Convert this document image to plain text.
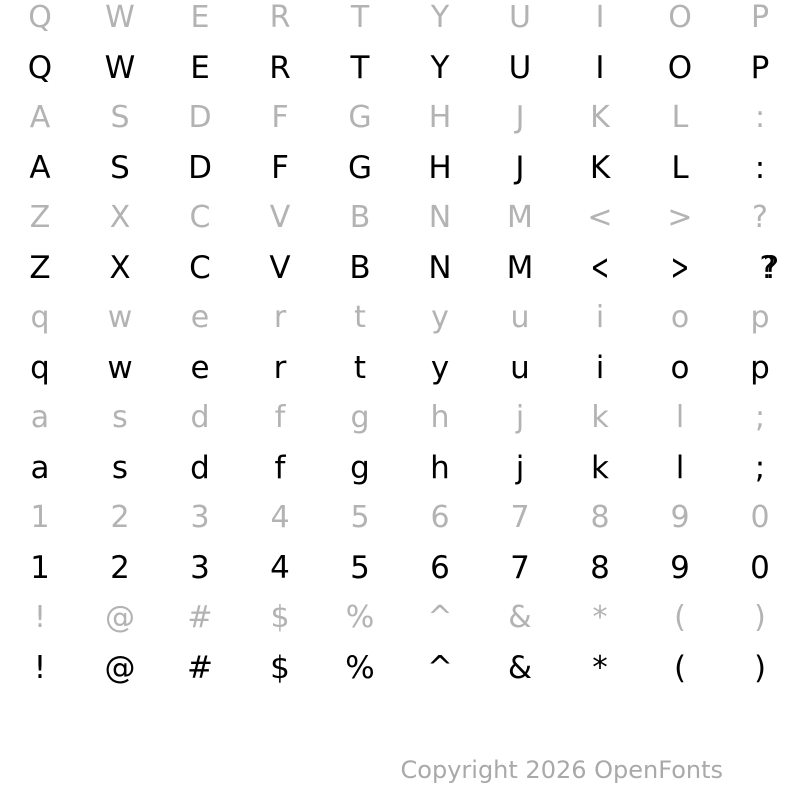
Q	W	E	R	T	Y	U	I	O	P
Q	W	E	R	T	Y	U	I	O	P
A	S	D	F	G	H	J	K	L	:
A	S	D	F	G	H	J	K	L	:
Z	X	C	V	B	N	M	<	>	?
Z	X	C	V	B	N	M	<	>	??
q	w	e	r	t	y	u	i	o	p
q	w	e	r	t	y	u	i	o	p
a	s	d	f	g	h	j	k	l	;
a	s	d	f	g	h	j	k	l	;
1	2	3	4	5	6	7	8	9	0
1	2	3	4	5	6	7	8	9	0
!	@	#	$	%	^	&	*	(	)
!	@	#	$	%	^	&	*	(	)
Copyright 2026 OpenFonts
